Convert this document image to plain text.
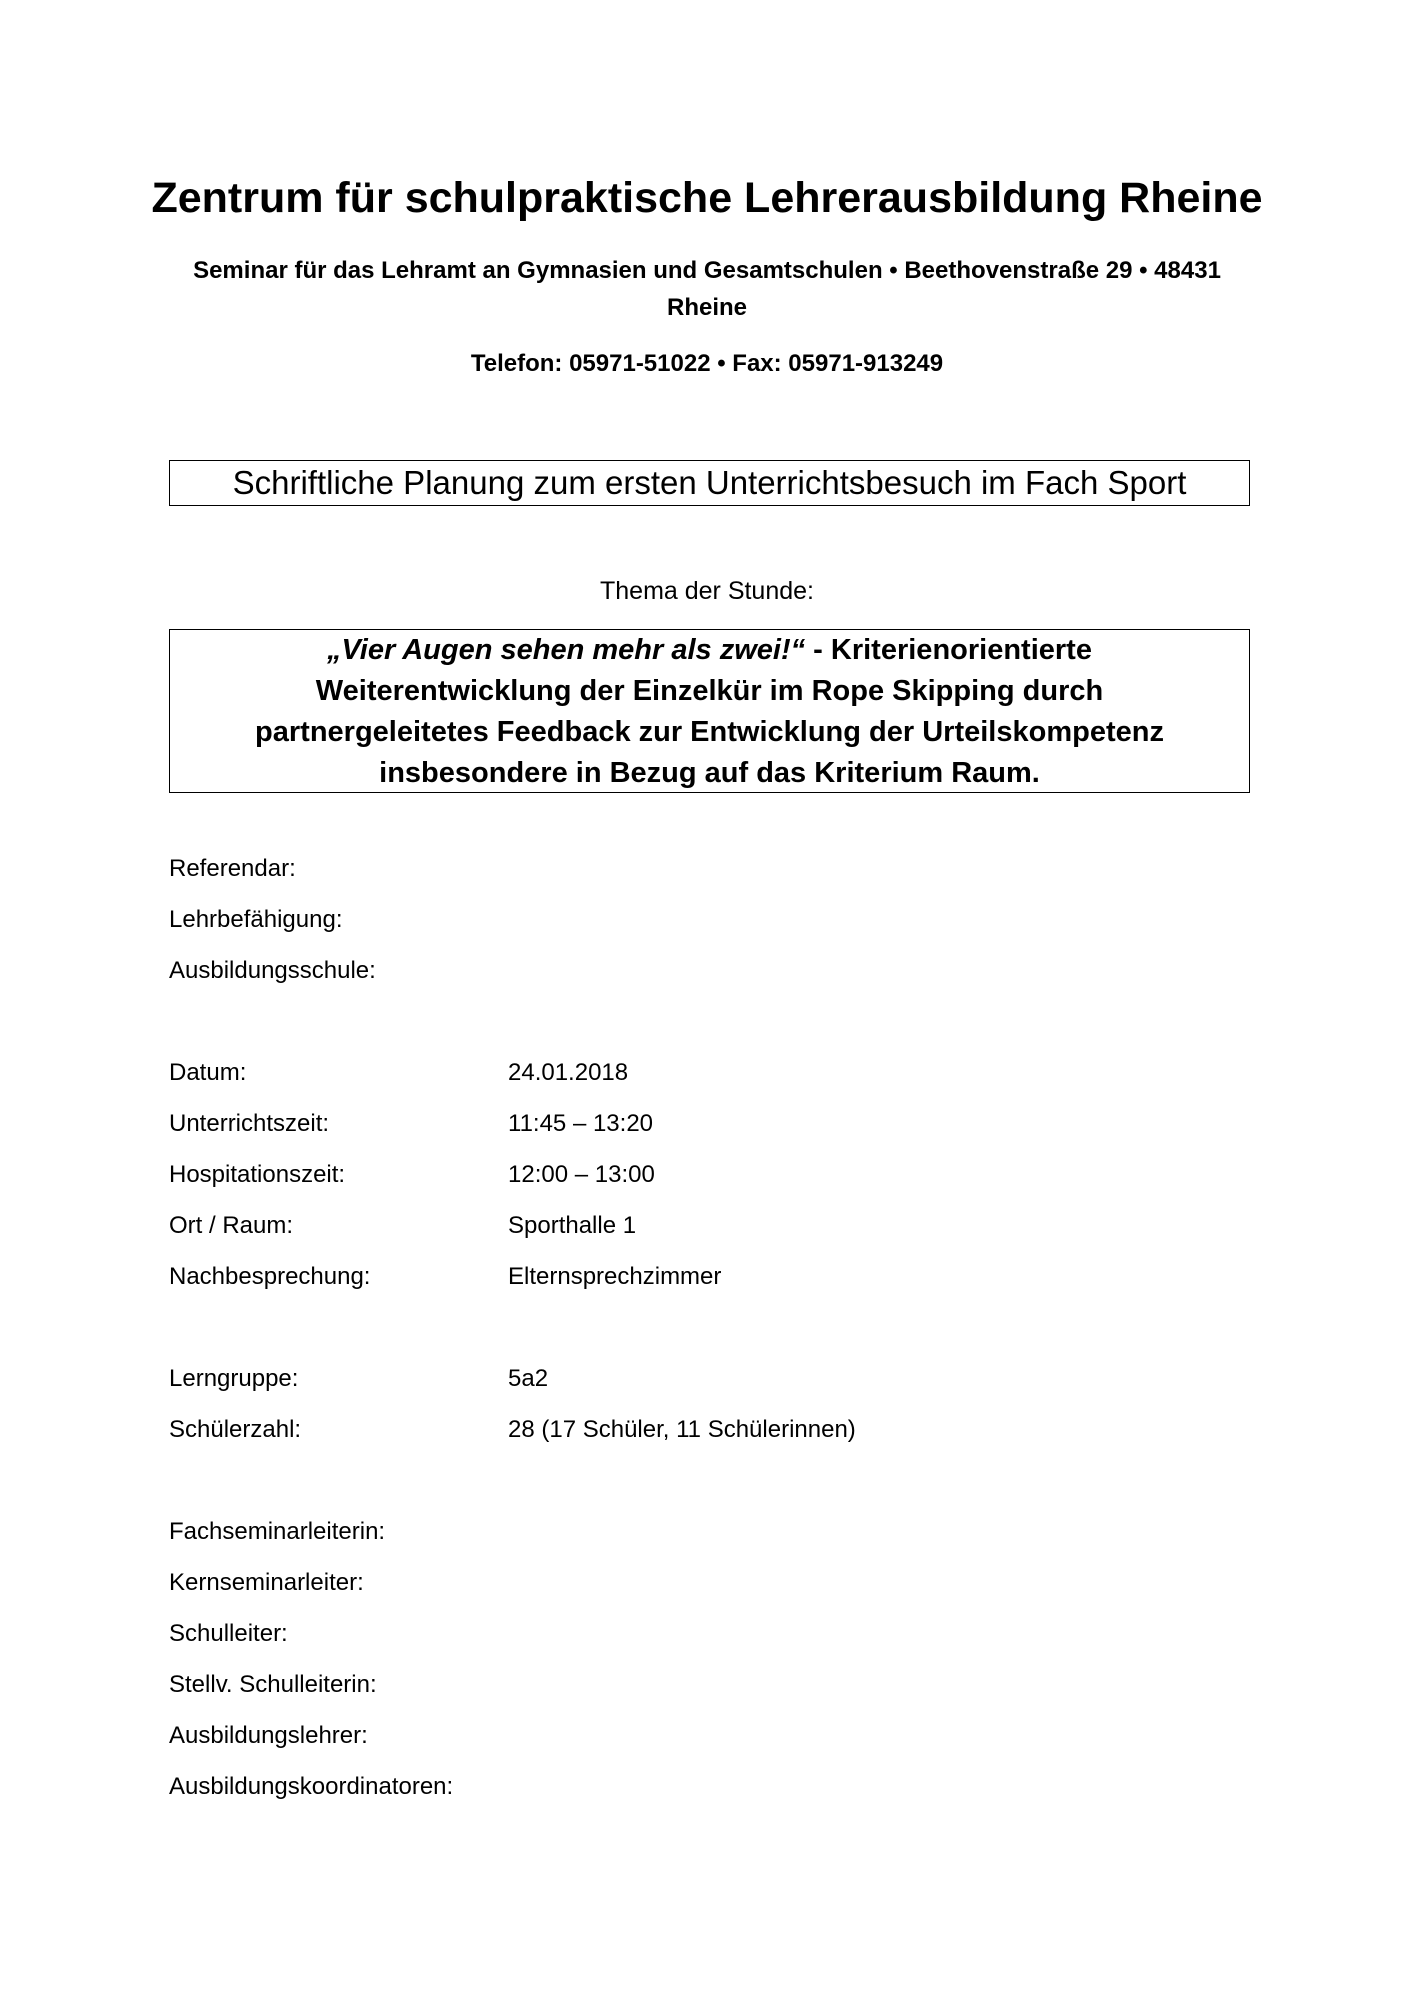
Zentrum für schulpraktische Lehrerausbildung Rheine
Seminar für das Lehramt an Gymnasien und Gesamtschulen • Beethovenstraße 29 • 48431 Rheine
Telefon: 05971-51022 • Fax: 05971-913249
Schriftliche Planung zum ersten Unterrichtsbesuch im Fach Sport
Thema der Stunde:
„Vier Augen sehen mehr als zwei!“ - Kriterienorientierte Weiterentwicklung der Einzelkür im Rope Skipping durch partnergeleitetes Feedback zur Entwicklung der Urteilskompetenz insbesondere in Bezug auf das Kriterium Raum.
Referendar:
Lehrbefähigung:
Ausbildungsschule:
Datum:	24.01.2018
Unterrichtszeit:	11:45 – 13:20
Hospitationszeit:	12:00 – 13:00
Ort / Raum:	Sporthalle 1
Nachbesprechung:	Elternsprechzimmer
Lerngruppe:	5a2
Schülerzahl:	28 (17 Schüler, 11 Schülerinnen)
Fachseminarleiterin:
Kernseminarleiter:
Schulleiter:
Stellv. Schulleiterin:
Ausbildungslehrer:
Ausbildungskoordinatoren:
